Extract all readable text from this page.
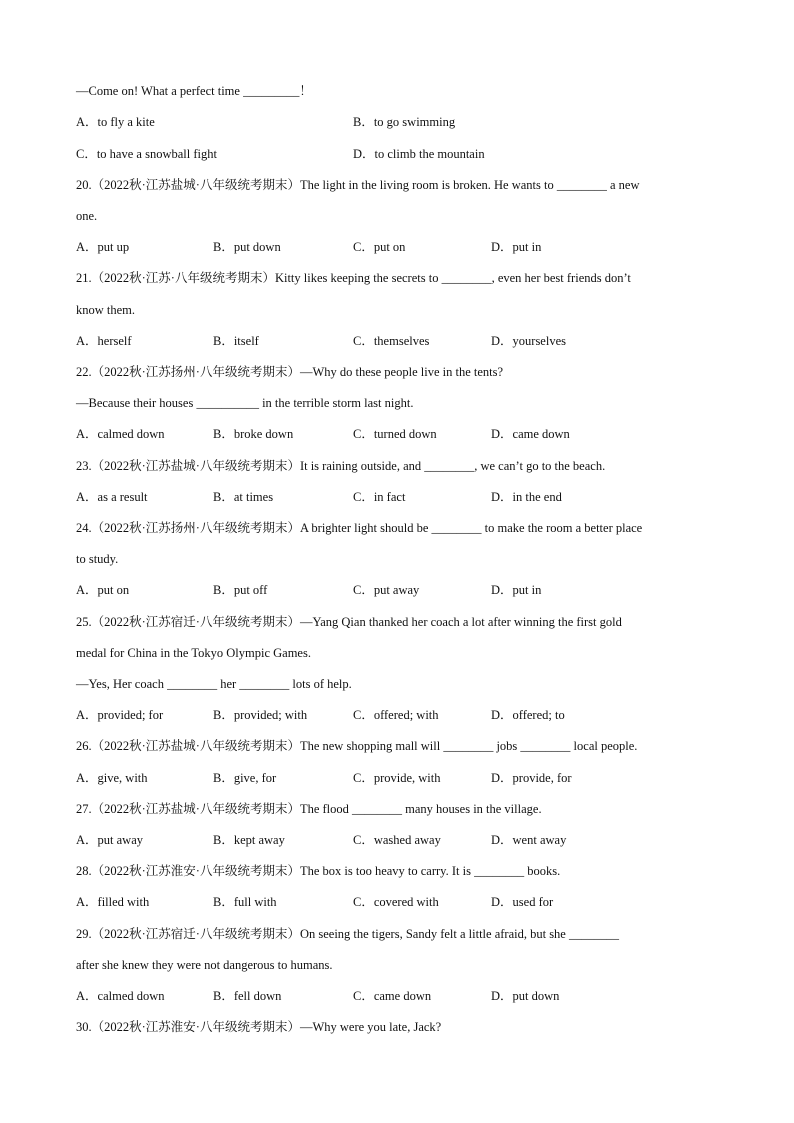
—Come on! What a perfect time _________！
A．to fly a kite	B．to go swimming
C．to have a snowball fight	D．to climb the mountain
20.（2022秋·江苏盐城·八年级统考期末）The light in the living room is broken. He wants to ________ a new
one.
A．put up	B．put down	C．put on	D．put in
21.（2022秋·江苏·八年级统考期末）Kitty likes keeping the secrets to ________, even her best friends don’t
know them.
A．herself	B．itself	C．themselves	D．yourselves
22.（2022秋·江苏扬州·八年级统考期末）—Why do these people live in the tents?
—Because their houses __________ in the terrible storm last night.
A．calmed down	B．broke down	C．turned down	D．came down
23.（2022秋·江苏盐城·八年级统考期末）It is raining outside, and ________, we can’t go to the beach.
A．as a result	B．at times	C．in fact	D．in the end
24.（2022秋·江苏扬州·八年级统考期末）A brighter light should be ________ to make the room a better place
to study.
A．put on	B．put off	C．put away	D．put in
25.（2022秋·江苏宿迁·八年级统考期末）—Yang Qian thanked her coach a lot after winning the first gold
medal for China in the Tokyo Olympic Games.
—Yes, Her coach ________ her ________ lots of help.
A．provided; for	B．provided; with	C．offered; with	D．offered; to
26.（2022秋·江苏盐城·八年级统考期末）The new shopping mall will ________ jobs ________ local people.
A．give, with	B．give, for	C．provide, with	D．provide, for
27.（2022秋·江苏盐城·八年级统考期末）The flood ________ many houses in the village.
A．put away	B．kept away	C．washed away	D．went away
28.（2022秋·江苏淮安·八年级统考期末）The box is too heavy to carry. It is ________ books.
A．filled with	B．full with	C．covered with	D．used for
29.（2022秋·江苏宿迁·八年级统考期末）On seeing the tigers, Sandy felt a little afraid, but she ________
after she knew they were not dangerous to humans.
A．calmed down	B．fell down	C．came down	D．put down
30.（2022秋·江苏淮安·八年级统考期末）—Why were you late, Jack?
